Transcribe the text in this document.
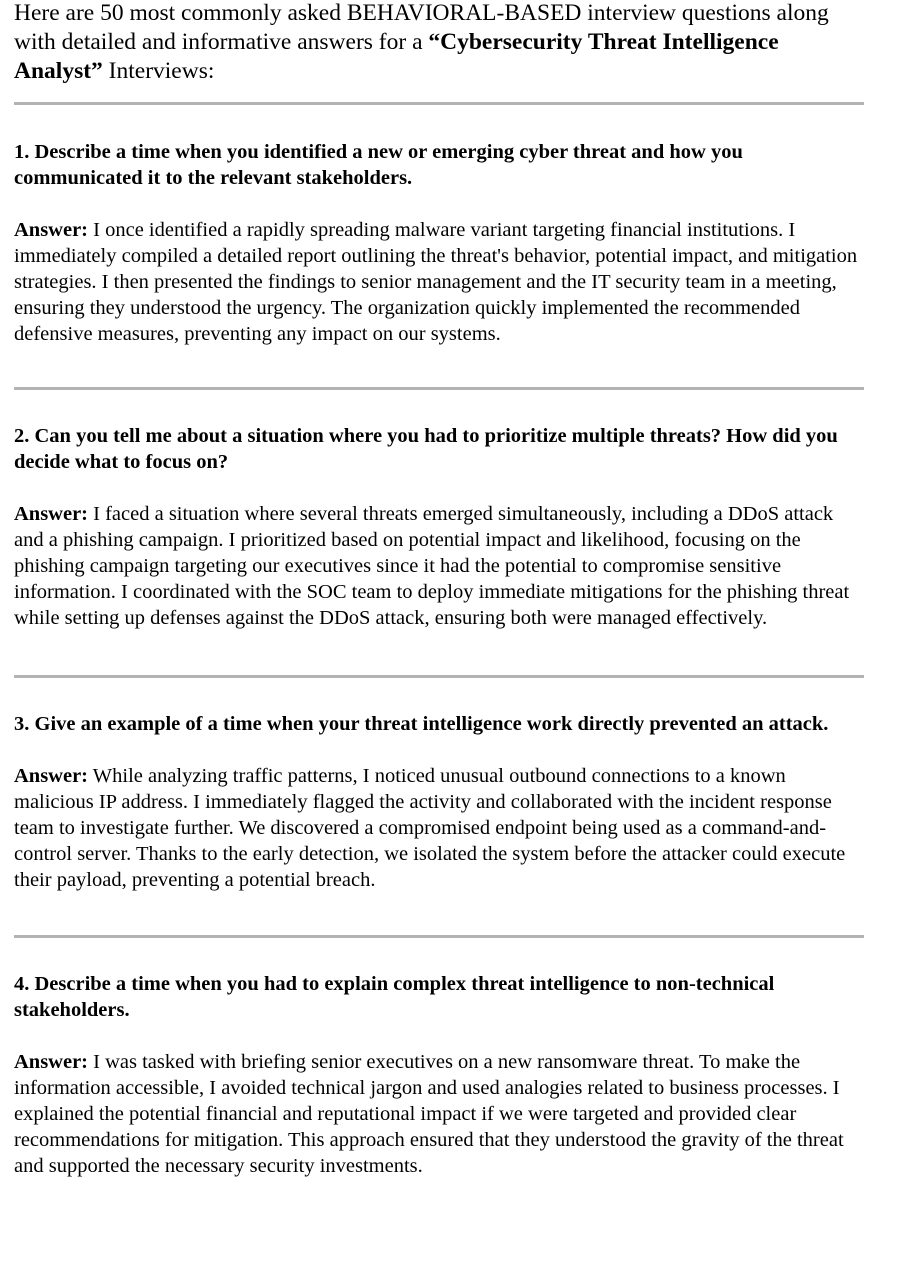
Here are 50 most commonly asked BEHAVIORAL-BASED interview questions along with detailed and informative answers for a “Cybersecurity Threat Intelligence Analyst” Interviews:

1. Describe a time when you identified a new or emerging cyber threat and how you communicated it to the relevant stakeholders.

Answer: I once identified a rapidly spreading malware variant targeting financial institutions. I immediately compiled a detailed report outlining the threat's behavior, potential impact, and mitigation strategies. I then presented the findings to senior management and the IT security team in a meeting, ensuring they understood the urgency. The organization quickly implemented the recommended defensive measures, preventing any impact on our systems.

2. Can you tell me about a situation where you had to prioritize multiple threats? How did you decide what to focus on?

Answer: I faced a situation where several threats emerged simultaneously, including a DDoS attack and a phishing campaign. I prioritized based on potential impact and likelihood, focusing on the phishing campaign targeting our executives since it had the potential to compromise sensitive information. I coordinated with the SOC team to deploy immediate mitigations for the phishing threat while setting up defenses against the DDoS attack, ensuring both were managed effectively.

3. Give an example of a time when your threat intelligence work directly prevented an attack.

Answer: While analyzing traffic patterns, I noticed unusual outbound connections to a known malicious IP address. I immediately flagged the activity and collaborated with the incident response team to investigate further. We discovered a compromised endpoint being used as a command-and-control server. Thanks to the early detection, we isolated the system before the attacker could execute their payload, preventing a potential breach.

4. Describe a time when you had to explain complex threat intelligence to non-technical stakeholders.

Answer: I was tasked with briefing senior executives on a new ransomware threat. To make the information accessible, I avoided technical jargon and used analogies related to business processes. I explained the potential financial and reputational impact if we were targeted and provided clear recommendations for mitigation. This approach ensured that they understood the gravity of the threat and supported the necessary security investments.
